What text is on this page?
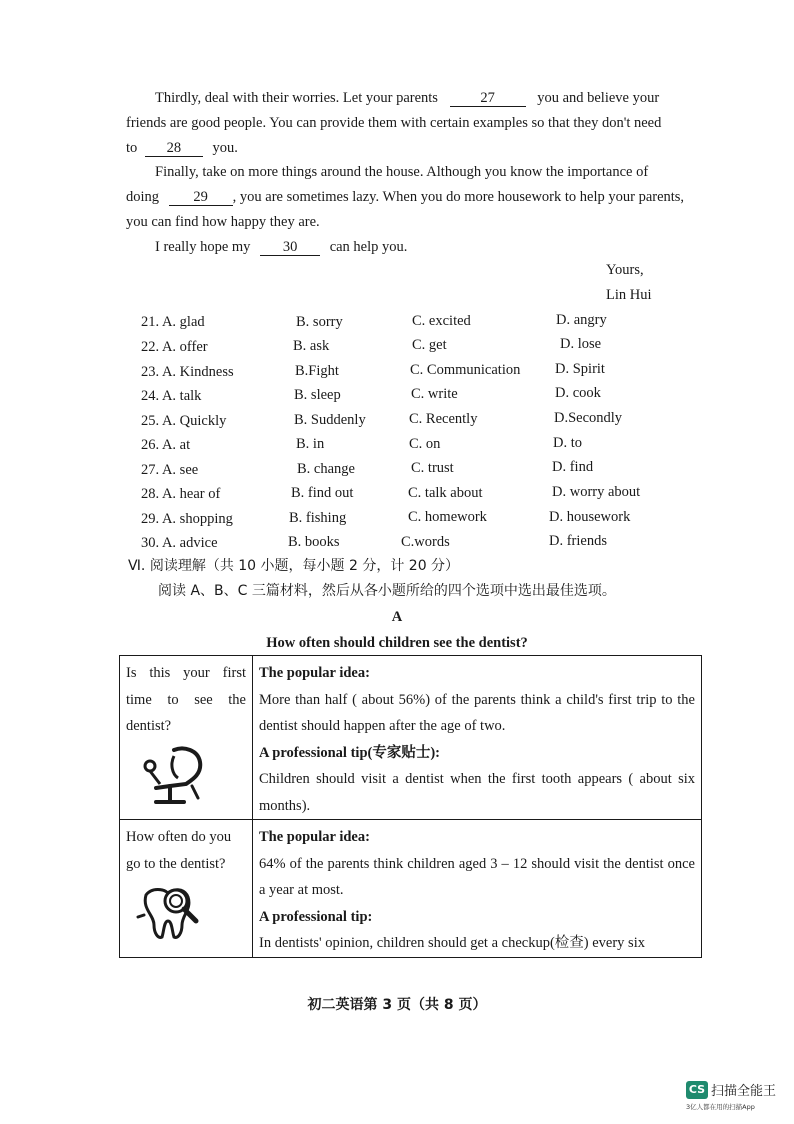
Thirdly, deal with their worries. Let your parents	27	you and believe your
friends are good people. You can provide them with certain examples so that they don't need
to 28 you.
Finally, take on more things around the house. Although you know the importance of
doing 29 , you are sometimes lazy. When you do more housework to help your parents,
you can find how happy they are.
I really hope my 30 can help you.
Yours,
Lin Hui
21. A. glad	B. sorry	C. excited	D. angry
22. A. offer	B. ask	C. get	D. lose
23. A. Kindness	B.Fight	C. Communication D. Spirit
24. A. talk	B. sleep	C. write	D. cook
25. A. Quickly	B. Suddenly	C. Recently	D.Secondly
26. A. at	B. in	C. on	D. to
27. A. see	B. change	C. trust	D. find
28. A. hear of	B. find out	C. talk about	D. worry about
29. A. shopping	B. fishing	C. homework	D. housework
30. A. advice	B. books	C.words	D. friends
Ⅵ. 阅读理解（共 10 小题，每小题 2 分，计 20 分）
阅读 A、B、C 三篇材料，然后从各小题所给的四个选项中选出最佳选项。
A
How often should children see the dentist?
Is this your first time to see the dentist?	The popular idea:
More than half ( about 56%) of the parents think a child's first trip to the dentist should happen after the age of two.
A professional tip(专家贴士):
Children should visit a dentist when the first tooth appears ( about six months).

How often do you go to the dentist?	The popular idea:
64% of the parents think children aged 3 – 12 should visit the dentist once a year at most.
A professional tip:
In dentists' opinion, children should get a checkup(检查) every six
初二英语第 3 页（共 8 页）
CS 扫描全能王
3亿人都在用的扫描App
